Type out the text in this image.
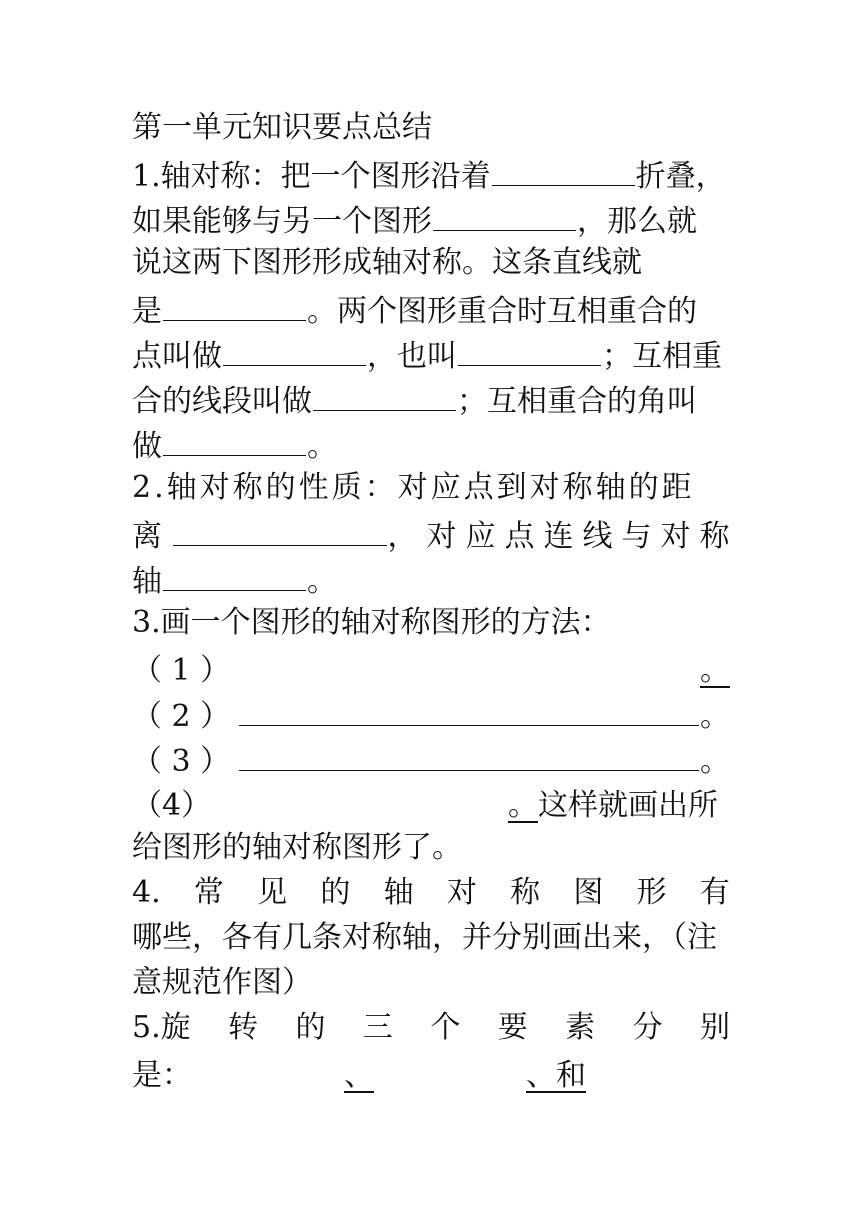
第一单元知识要点总结
1.轴对称：把一个图形沿着	折叠，
如果能够与另一个图形	，那么就
说这两下图形形成轴对称。这条直线就
是	。两个图形重合时互相重合的
点叫做	，也叫	；互相重
合的线段叫做	；互相重合的角叫
做	。
2.轴对称的性质：对应点到对称轴的距
离	，对应点连线与对称
轴	。
3.画一个图形的轴对称图形的方法：
（ 1 ）	。
（ 2 ）	。
（ 3 ）	。
（4）	。这样就画出所
给图形的轴对称图形了。
4. 常 见 的 轴 对 称 图 形 有
哪些，各有几条对称轴，并分别画出来，（注
意规范作图）
5.旋 转 的 三 个 要 素 分 别
是：	、	、和
